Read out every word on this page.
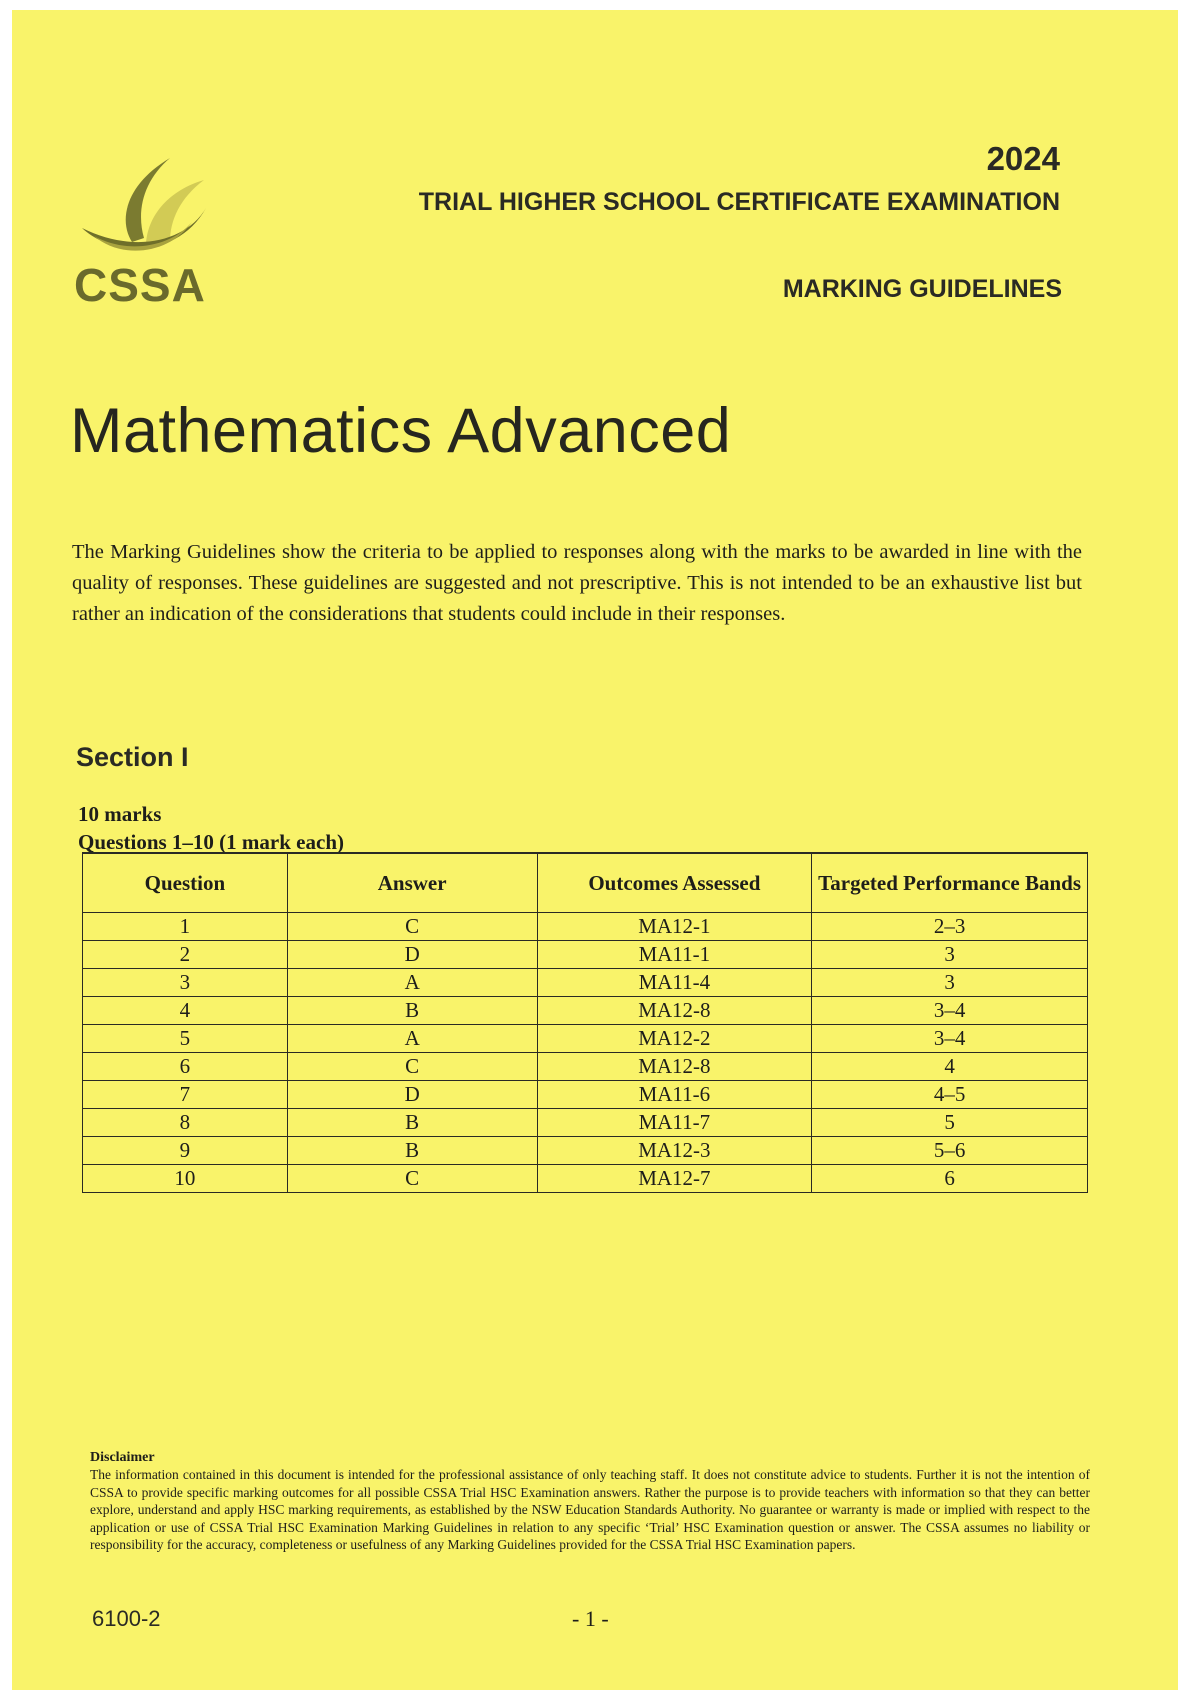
CSSA
2024
TRIAL HIGHER SCHOOL CERTIFICATE EXAMINATION
MARKING GUIDELINES
Mathematics Advanced
The Marking Guidelines show the criteria to be applied to responses along with the marks to be awarded in line with the quality of responses. These guidelines are suggested and not prescriptive. This is not intended to be an exhaustive list but rather an indication of the considerations that students could include in their responses.
Section I
10 marks
Questions 1–10 (1 mark each)
Question	Answer	Outcomes Assessed	Targeted Performance Bands
1	C	MA12-1	2–3
2	D	MA11-1	3
3	A	MA11-4	3
4	B	MA12-8	3–4
5	A	MA12-2	3–4
6	C	MA12-8	4
7	D	MA11-6	4–5
8	B	MA11-7	5
9	B	MA12-3	5–6
10	C	MA12-7	6
Disclaimer
The information contained in this document is intended for the professional assistance of only teaching staff. It does not constitute advice to students. Further it is not the intention of CSSA to provide specific marking outcomes for all possible CSSA Trial HSC Examination answers. Rather the purpose is to provide teachers with information so that they can better explore, understand and apply HSC marking requirements, as established by the NSW Education Standards Authority. No guarantee or warranty is made or implied with respect to the application or use of CSSA Trial HSC Examination Marking Guidelines in relation to any specific ‘Trial’ HSC Examination question or answer. The CSSA assumes no liability or responsibility for the accuracy, completeness or usefulness of any Marking Guidelines provided for the CSSA Trial HSC Examination papers.
6100-2	- 1 -
